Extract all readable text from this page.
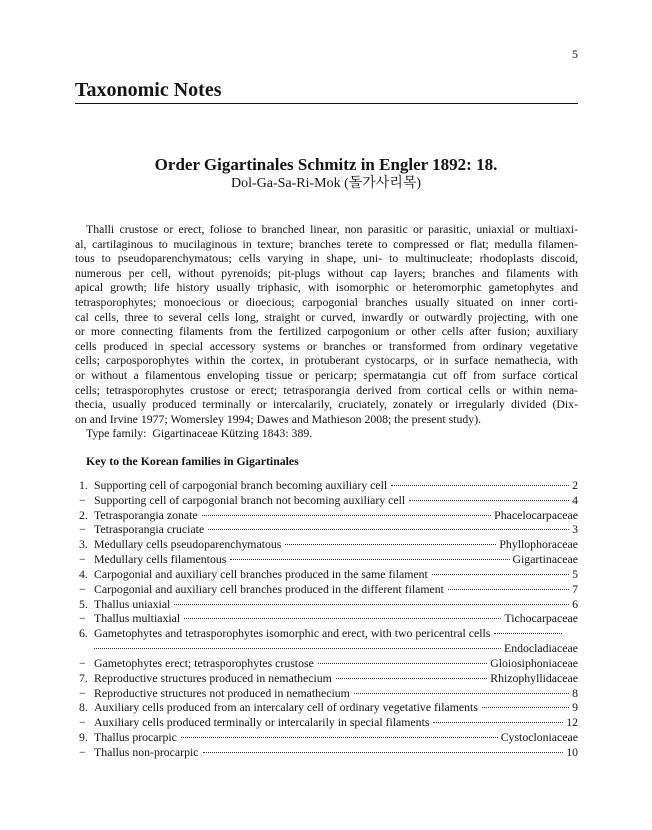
5
Taxonomic Notes
Order Gigartinales Schmitz in Engler 1892: 18.
Dol-Ga-Sa-Ri-Mok (돌가사리목)
Thalli crustose or erect, foliose to branched linear, non parasitic or parasitic, uniaxial or multiaxi-
al, cartilaginous to mucilaginous in texture; branches terete to compressed or flat; medulla filamen-
tous to pseudoparenchymatous; cells varying in shape, uni- to multinucleate; rhodoplasts discoid,
numerous per cell, without pyrenoids; pit-plugs without cap layers; branches and filaments with
apical growth; life history usually triphasic, with isomorphic or heteromorphic gametophytes and
tetrasporophytes; monoecious or dioecious; carpogonial branches usually situated on inner corti-
cal cells, three to several cells long, straight or curved, inwardly or outwardly projecting, with one
or more connecting filaments from the fertilized carpogonium or other cells after fusion; auxiliary
cells produced in special accessory systems or branches or transformed from ordinary vegetative
cells; carposporophytes within the cortex, in protuberant cystocarps, or in surface nemathecia, with
or without a filamentous enveloping tissue or pericarp; spermatangia cut off from surface cortical
cells; tetrasporophytes crustose or erect; tetrasporangia derived from cortical cells or within nema-
thecia, usually produced terminally or intercalarily, cruciately, zonately or irregularly divided (Dix-
on and Irvine 1977; Womersley 1994; Dawes and Mathieson 2008; the present study).
Type family:  Gigartinaceae Kützing 1843: 389.
Key to the Korean families in Gigartinales
1. Supporting cell of carpogonial branch becoming auxiliary cell	2
− Supporting cell of carpogonial branch not becoming auxiliary cell	4
2. Tetrasporangia zonate	Phacelocarpaceae
− Tetrasporangia cruciate	3
3. Medullary cells pseudoparenchymatous	Phyllophoraceae
− Medullary cells filamentous	Gigartinaceae
4. Carpogonial and auxiliary cell branches produced in the same filament	5
− Carpogonial and auxiliary cell branches produced in the different filament	7
5. Thallus uniaxial	6
− Thallus multiaxial	Tichocarpaceae
6. Gametophytes and tetrasporophytes isomorphic and erect, with two pericentral cells
Endocladiaceae
− Gametophytes erect; tetrasporophytes crustose	Gloiosiphoniaceae
7. Reproductive structures produced in nemathecium	Rhizophyllidaceae
− Reproductive structures not produced in nemathecium	8
8. Auxiliary cells produced from an intercalary cell of ordinary vegetative filaments	9
− Auxiliary cells produced terminally or intercalarily in special filaments	12
9. Thallus procarpic	Cystocloniaceae
− Thallus non-procarpic	10
